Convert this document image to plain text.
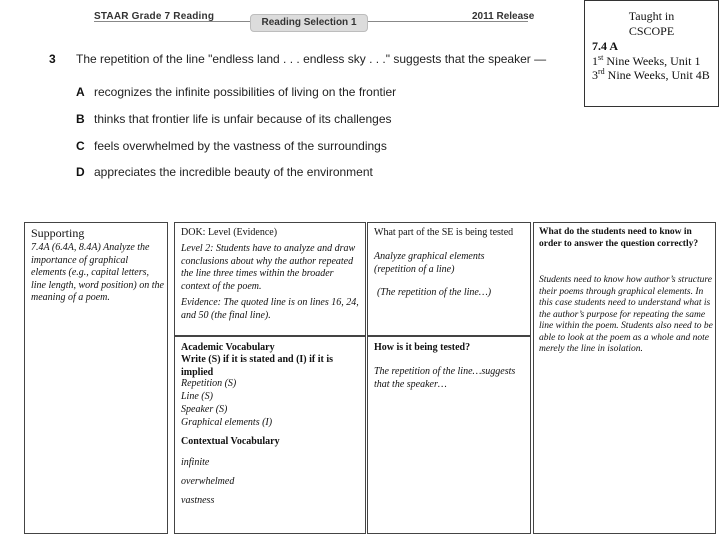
STAAR Grade 7 Reading
Reading Selection 1
2011 Release
3 The repetition of the line "endless land . . . endless sky . . ." suggests that the speaker —
A recognizes the infinite possibilities of living on the frontier
B thinks that frontier life is unfair because of its challenges
C feels overwhelmed by the vastness of the surroundings
D appreciates the incredible beauty of the environment
Taught in
CSCOPE
7.4 A
1st Nine Weeks, Unit 1
3rd Nine Weeks, Unit 4B
Supporting
7.4A (6.4A, 8.4A) Analyze the importance of graphical elements (e.g., capital letters, line length, word position) on the meaning of a poem.
DOK: Level (Evidence)
Level 2: Students have to analyze and draw conclusions about why the author repeated the line three times within the broader context of the poem.
Evidence: The quoted line is on lines 16, 24, and 50 (the final line).
Academic Vocabulary
Write (S) if it is stated and (I) if it is implied
Repetition (S)
Line (S)
Speaker (S)
Graphical elements (I)
Contextual Vocabulary
infinite
overwhelmed
vastness
What part of the SE is being tested
Analyze graphical elements (repetition of a line)
(The repetition of the line…)
How is it being tested?
The repetition of the line…suggests that the speaker…
What do the students need to know in order to answer the question correctly?
Students need to know how author’s structure their poems through graphical elements. In this case students need to understand what is the author’s purpose for repeating the same line within the poem. Students also need to be able to look at the poem as a whole and note merely the line in isolation.
